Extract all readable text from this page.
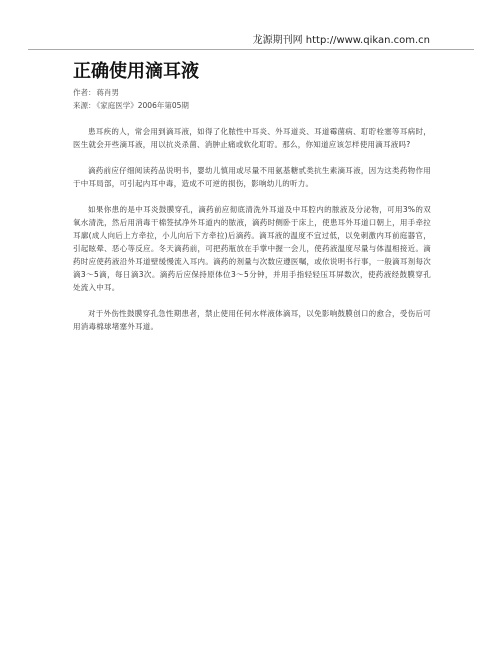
龙源期刊网 http://www.qikan.com.cn
正确使用滴耳液
作者：蒋肖男
来源：《家庭医学》2006年第05期

患耳疾的人，常会用到滴耳液，如得了化脓性中耳炎、外耳道炎、耳道霉菌病、耵聍栓塞等耳病时，医生就会开些滴耳液，用以抗炎杀菌、消肿止痛或软化耵聍。那么，你知道应该怎样使用滴耳液吗?

滴药前应仔细阅读药品说明书，婴幼儿慎用或尽量不用氨基糖甙类抗生素滴耳液，因为这类药物作用于中耳局部，可引起内耳中毒，造成不可逆的损伤，影响幼儿的听力。

如果你患的是中耳炎鼓膜穿孔，滴药前应彻底清洗外耳道及中耳腔内的脓液及分泌物，可用3%的双氧水清洗，然后用消毒干棉签拭净外耳道内的脓液，滴药时侧卧于床上，使患耳外耳道口朝上，用手牵拉耳廓(成人向后上方牵拉，小儿向后下方牵拉)后滴药。滴耳液的温度不宜过低，以免刺激内耳前庭器官，引起眩晕、恶心等反应。冬天滴药前，可把药瓶放在手掌中握一会儿，使药液温度尽量与体温相接近。滴药时应使药液沿外耳道壁缓慢流入耳内。滴药的剂量与次数应遵医嘱，或依说明书行事，一般滴耳剂每次滴3～5滴，每日滴3次。滴药后应保持原体位3～5分钟，并用手指轻轻压耳屏数次，使药液经鼓膜穿孔处流入中耳。

对于外伤性鼓膜穿孔急性期患者，禁止使用任何水样液体滴耳，以免影响鼓膜创口的愈合，受伤后可用消毒棉球堵塞外耳道。
